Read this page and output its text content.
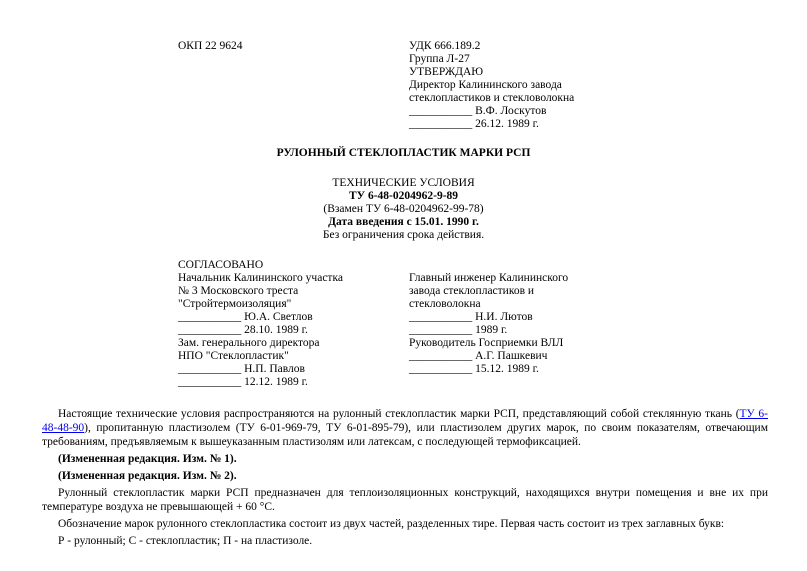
ОКП 22 9624	УДК 666.189.2
Группа Л-27
УТВЕРЖДАЮ
Директор Калининского завода
стеклопластиков и стекловолокна
___________ В.Ф. Лоскутов
___________ 26.12. 1989 г.
РУЛОННЫЙ СТЕКЛОПЛАСТИК МАРКИ РСП
ТЕХНИЧЕСКИЕ УСЛОВИЯ
ТУ 6-48-0204962-9-89
(Взамен ТУ 6-48-0204962-99-78)
Дата введения с 15.01. 1990 г.
Без ограничения срока действия.
СОГЛАСОВАНО
Начальник Калининского участка
№ 3 Московского треста
"Стройтермоизоляция"
___________ Ю.А. Светлов
___________ 28.10. 1989 г.
Зам. генерального директора
НПО "Стеклопластик"
___________ Н.П. Павлов
___________ 12.12. 1989 г.
Главный инженер Калининского
завода стеклопластиков и
стекловолокна
___________ Н.И. Лютов
___________ 1989 г.
Руководитель Госприемки ВЛЛ
___________ А.Г. Пашкевич
___________ 15.12. 1989 г.

Настоящие технические условия распространяются на рулонный стеклопластик марки РСП, представляющий собой стеклянную ткань (ТУ 6-48-48-90), пропитанную пластизолем (ТУ 6-01-969-79, ТУ 6-01-895-79), или пластизолем других марок, по своим показателям, отвечающим требованиям, предъявляемым к вышеуказанным пластизолям или латексам, с последующей термофиксацией.

(Измененная редакция. Изм. № 1).

(Измененная редакция. Изм. № 2).

Рулонный стеклопластик марки РСП предназначен для теплоизоляционных конструкций, находящихся внутри помещения и вне их при температуре воздуха не превышающей + 60 °С.

Обозначение марок рулонного стеклопластика состоит из двух частей, разделенных тире. Первая часть состоит из трех заглавных букв:

Р - рулонный; С - стеклопластик; П - на пластизоле.
